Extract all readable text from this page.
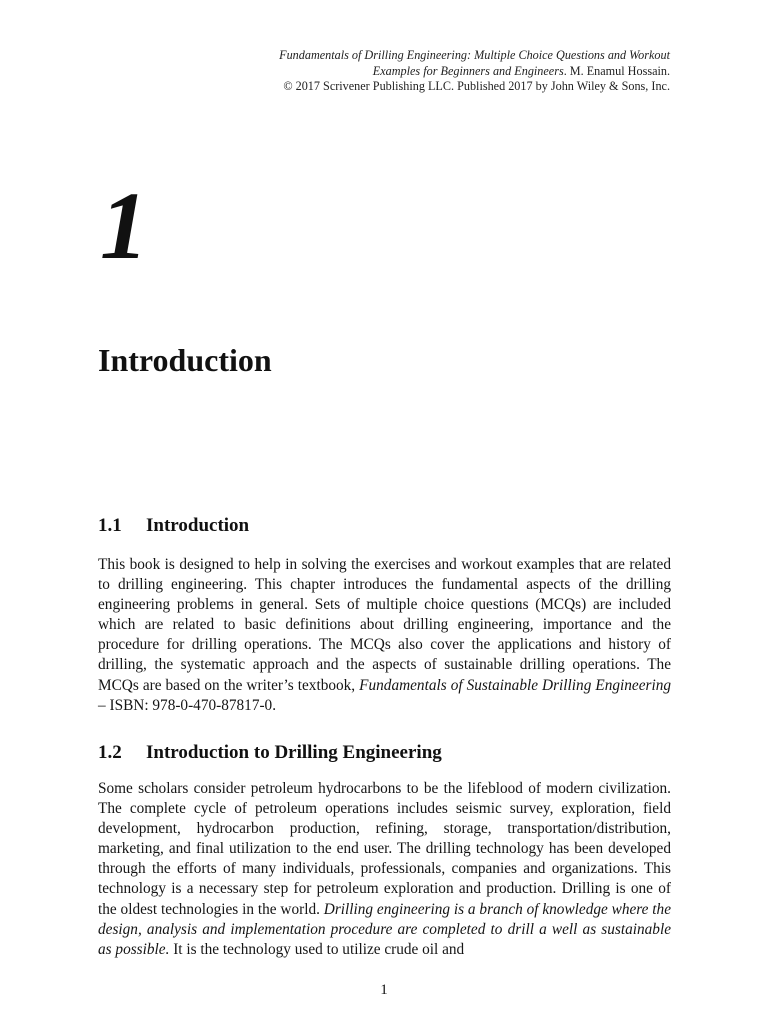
Fundamentals of Drilling Engineering: Multiple Choice Questions and Workout
Examples for Beginners and Engineers. M. Enamul Hossain.
© 2017 Scrivener Publishing LLC. Published 2017 by John Wiley & Sons, Inc.
1
Introduction
1.1 Introduction

This book is designed to help in solving the exercises and workout examples that are related to drilling engineering. This chapter introduces the fundamental aspects of the drilling engineering problems in general. Sets of multiple choice questions (MCQs) are included which are related to basic definitions about drilling engineering, importance and the procedure for drilling operations. The MCQs also cover the applications and history of drilling, the systematic approach and the aspects of sustainable drilling operations. The MCQs are based on the writer’s textbook, Fundamentals of Sustainable Drilling Engineering – ISBN: 978-0-470-87817-0.

1.2 Introduction to Drilling Engineering

Some scholars consider petroleum hydrocarbons to be the lifeblood of modern civilization. The complete cycle of petroleum operations includes seismic survey, exploration, field development, hydrocarbon production, refining, storage, transportation/distribution, marketing, and final utilization to the end user. The drilling technology has been developed through the efforts of many individuals, professionals, companies and organizations. This technology is a necessary step for petroleum exploration and production. Drilling is one of the oldest technologies in the world. Drilling engineering is a branch of knowledge where the design, analysis and implementation procedure are completed to drill a well as sustainable as possible. It is the technology used to utilize crude oil and

1
